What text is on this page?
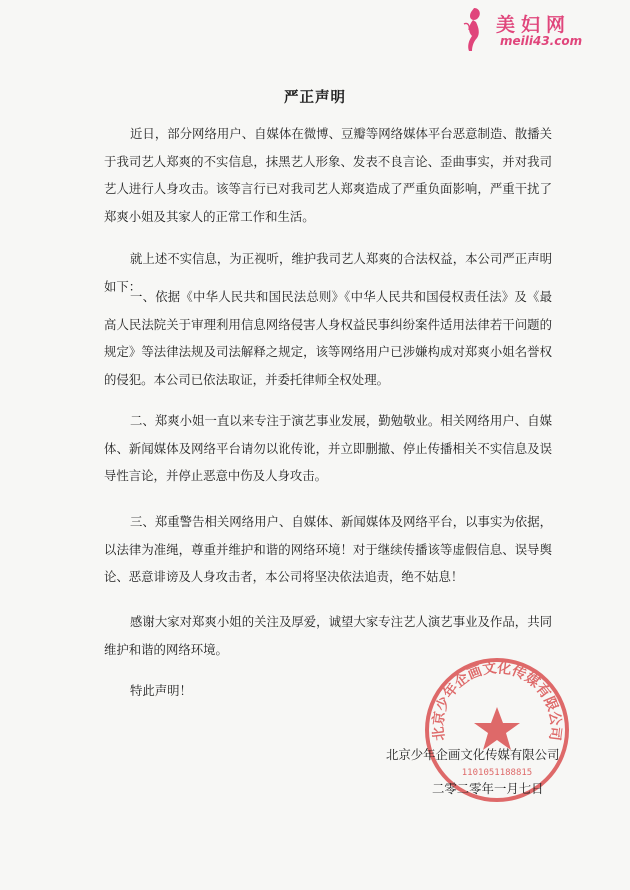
美妇网
meili43.com
严正声明

近日，部分网络用户、自媒体在微博、豆瓣等网络媒体平台恶意制造、散播关于我司艺人郑爽的不实信息，抹黑艺人形象、发表不良言论、歪曲事实，并对我司艺人进行人身攻击。该等言行已对我司艺人郑爽造成了严重负面影响，严重干扰了郑爽小姐及其家人的正常工作和生活。

就上述不实信息，为正视听，维护我司艺人郑爽的合法权益，本公司严正声明如下：

一、依据《中华人民共和国民法总则》《中华人民共和国侵权责任法》及《最高人民法院关于审理利用信息网络侵害人身权益民事纠纷案件适用法律若干问题的规定》等法律法规及司法解释之规定，该等网络用户已涉嫌构成对郑爽小姐名誉权的侵犯。本公司已依法取证，并委托律师全权处理。

二、郑爽小姐一直以来专注于演艺事业发展，勤勉敬业。相关网络用户、自媒体、新闻媒体及网络平台请勿以讹传讹，并立即删撤、停止传播相关不实信息及误导性言论，并停止恶意中伤及人身攻击。

三、郑重警告相关网络用户、自媒体、新闻媒体及网络平台，以事实为依据，以法律为准绳，尊重并维护和谐的网络环境！对于继续传播该等虚假信息、误导舆论、恶意诽谤及人身攻击者，本公司将坚决依法追责，绝不姑息！

感谢大家对郑爽小姐的关注及厚爱，诚望大家专注艺人演艺事业及作品，共同维护和谐的网络环境。

特此声明！

北京少年企画文化传媒有限公司
1101051188815
北京少年企画文化传媒有限公司
二零二零年一月七日
